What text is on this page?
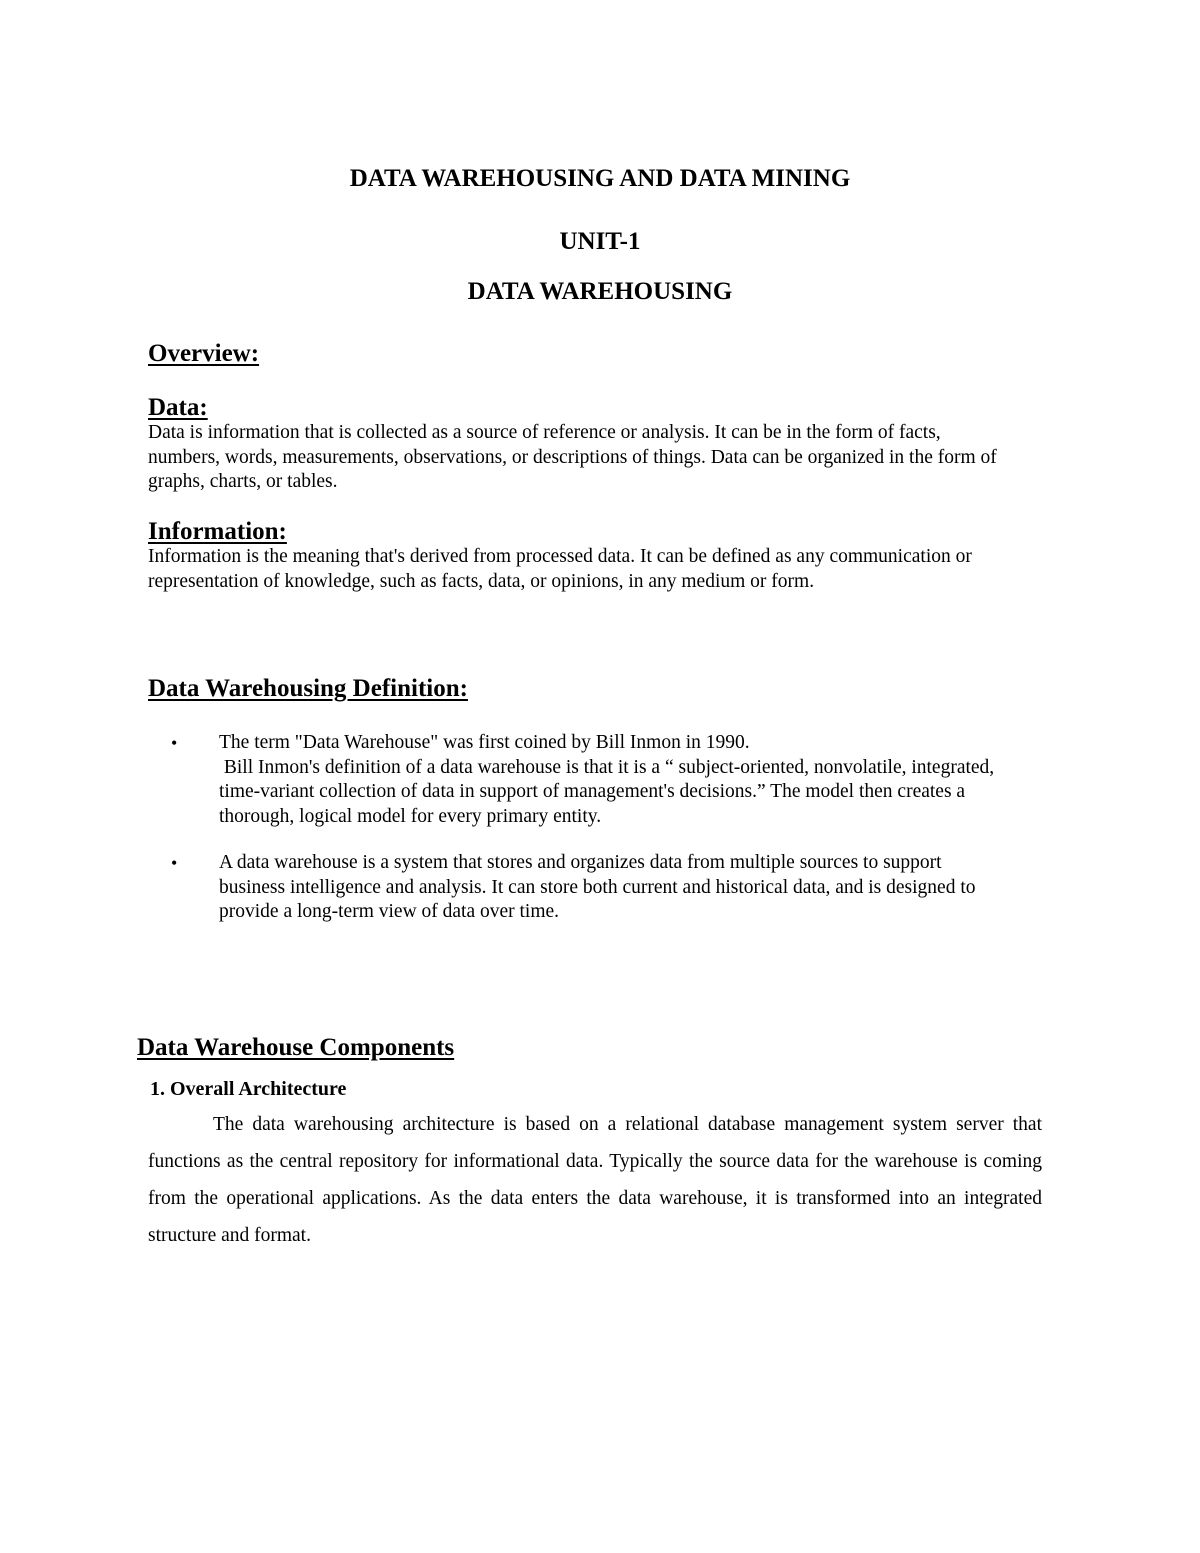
DATA WAREHOUSING AND DATA MINING
UNIT-1
DATA WAREHOUSING
Overview:
Data:
Data is information that is collected as a source of reference or analysis. It can be in the form of facts,
numbers, words, measurements, observations, or descriptions of things. Data can be organized in the form of
graphs, charts, or tables.
Information:
Information is the meaning that's derived from processed data. It can be defined as any communication or
representation of knowledge, such as facts, data, or opinions, in any medium or form.
Data Warehousing Definition:
• The term "Data Warehouse" was first coined by Bill Inmon in 1990.
Bill Inmon's definition of a data warehouse is that it is a “ subject-oriented, nonvolatile, integrated,
time-variant collection of data in support of management's decisions.” The model then creates a
thorough, logical model for every primary entity.
• A data warehouse is a system that stores and organizes data from multiple sources to support
business intelligence and analysis. It can store both current and historical data, and is designed to
provide a long-term view of data over time.
Data Warehouse Components
1. Overall Architecture
The data warehousing architecture is based on a relational database management system server that functions as the central repository for informational data. Typically the source data for the warehouse is coming from the operational applications. As the data enters the data warehouse, it is transformed into an integrated structure and format.
